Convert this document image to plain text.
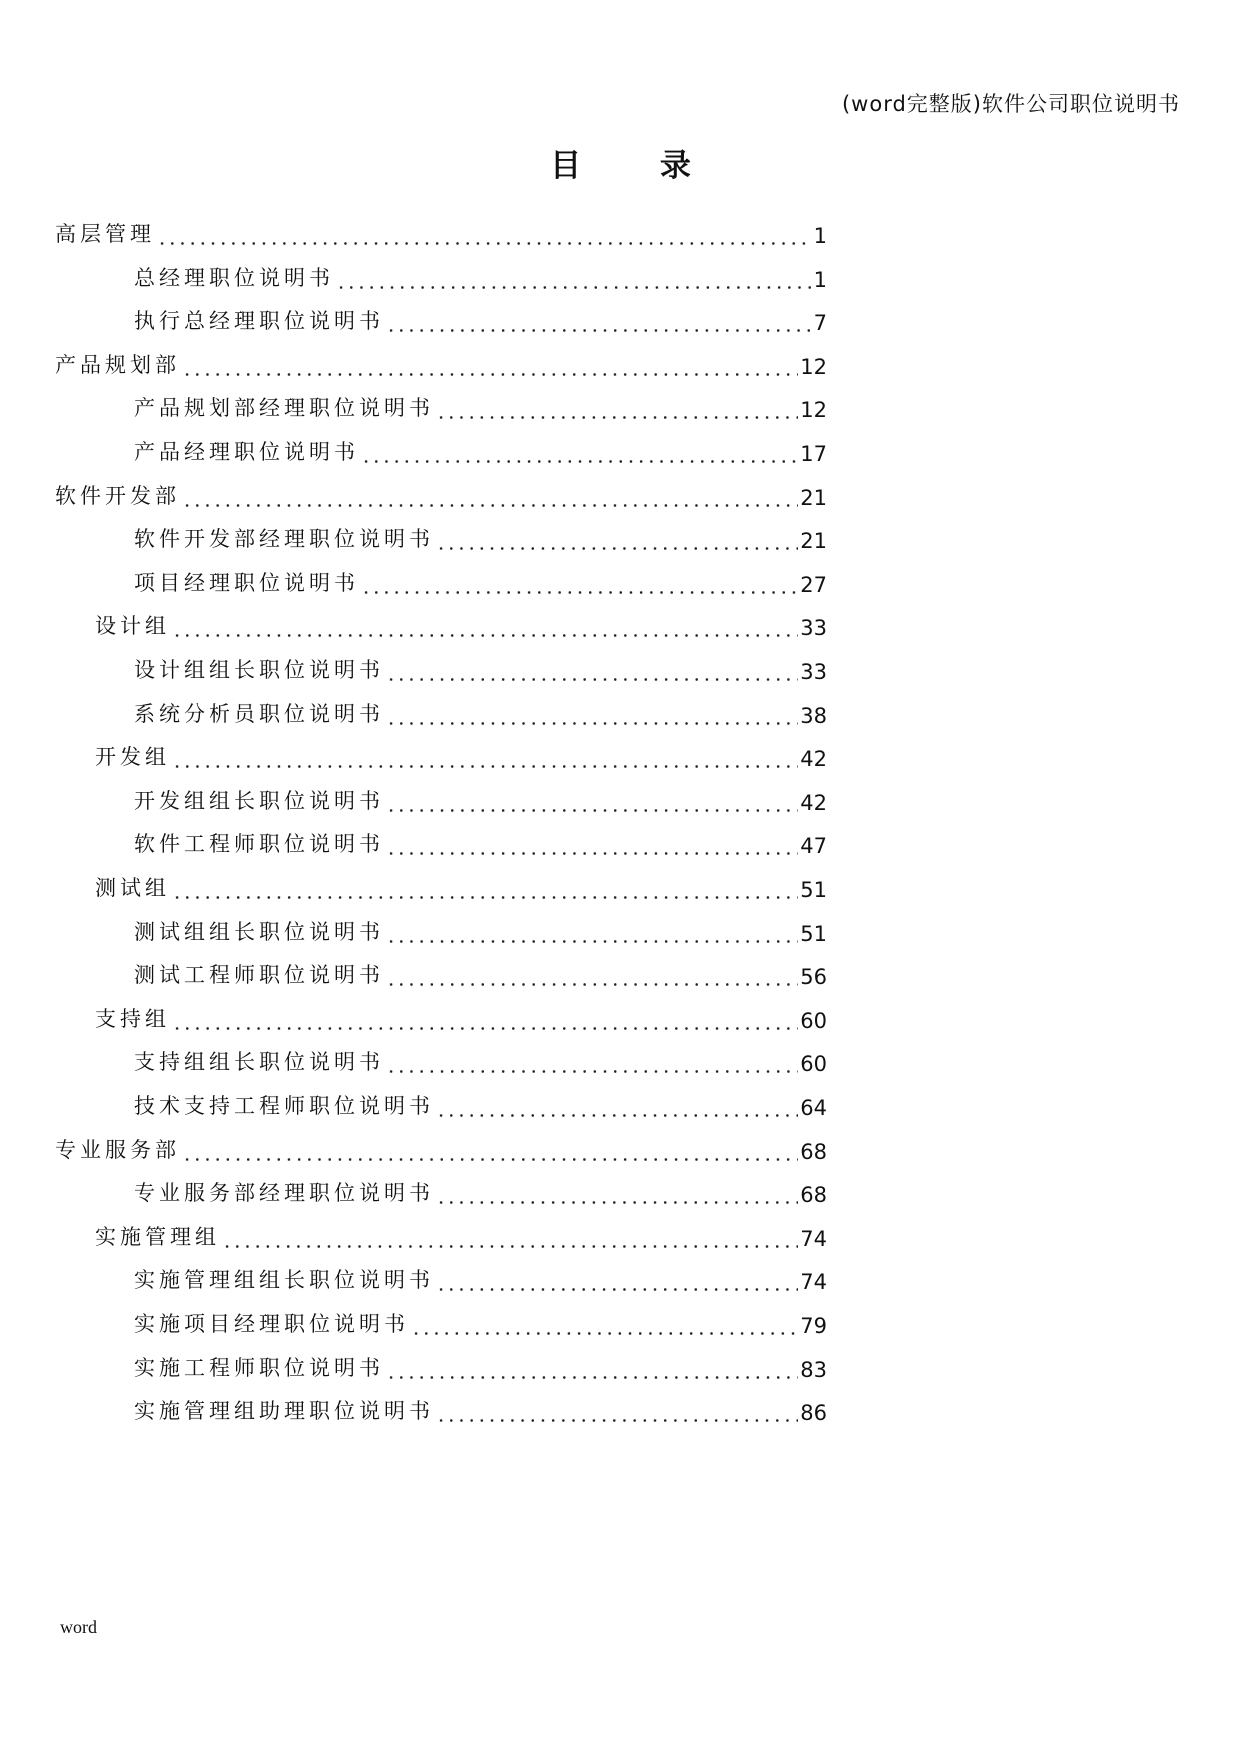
(word完整版)软件公司职位说明书
目 录
高层管理	1
总经理职位说明书	1
执行总经理职位说明书	7
产品规划部	12
产品规划部经理职位说明书	12
产品经理职位说明书	17
软件开发部	21
软件开发部经理职位说明书	21
项目经理职位说明书	27
设计组	33
设计组组长职位说明书	33
系统分析员职位说明书	38
开发组	42
开发组组长职位说明书	42
软件工程师职位说明书	47
测试组	51
测试组组长职位说明书	51
测试工程师职位说明书	56
支持组	60
支持组组长职位说明书	60
技术支持工程师职位说明书	64
专业服务部	68
专业服务部经理职位说明书	68
实施管理组	74
实施管理组组长职位说明书	74
实施项目经理职位说明书	79
实施工程师职位说明书	83
实施管理组助理职位说明书	86
word
